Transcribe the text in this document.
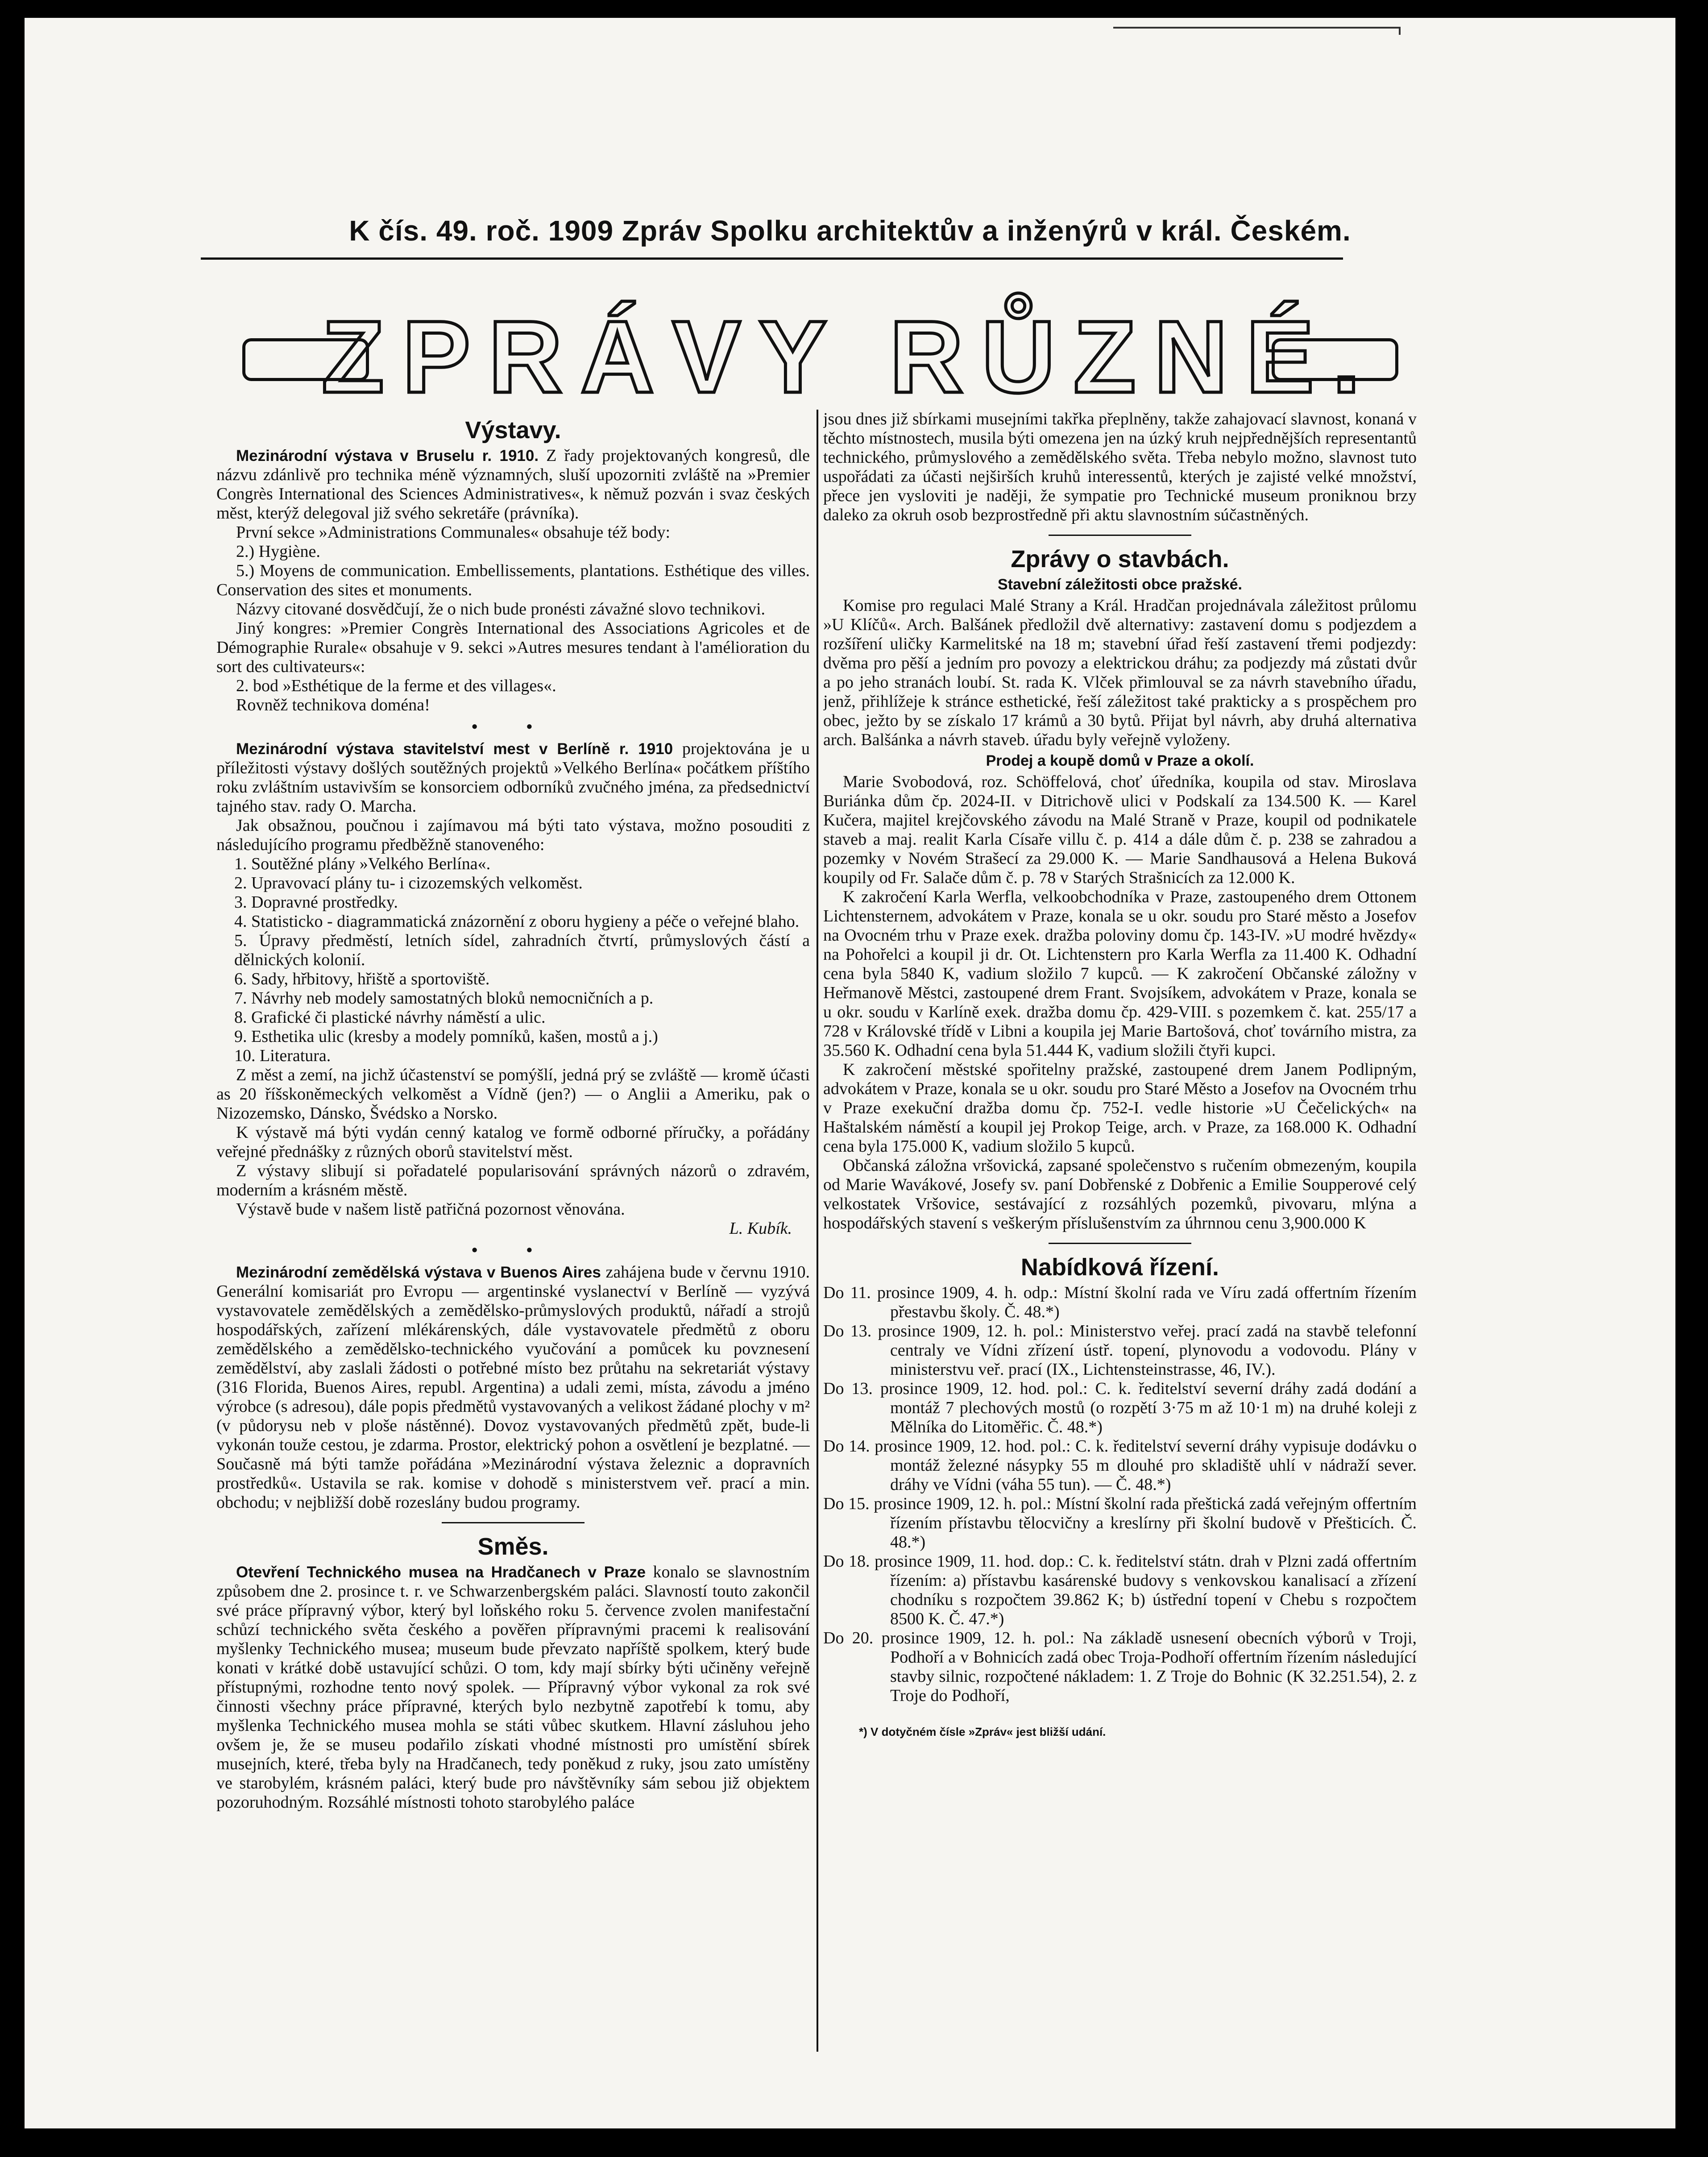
K čís. 49. roč. 1909 Zpráv Spolku architektův a inženýrů v král. Českém.
ZPRÁVY RŮZNÉ.
Výstavy.

Mezinárodní výstava v Bruselu r. 1910. Z řady projektovaných kongresů, dle názvu zdánlivě pro technika méně významných, sluší upozorniti zvláště na »Premier Congrès International des Sciences Administratives«, k němuž pozván i svaz českých měst, kterýž delegoval již svého sekretáře (právníka).

První sekce »Administrations Communales« obsahuje též body:

2.) Hygiène.

5.) Moyens de communication. Embellissements, plantations. Esthétique des villes. Conservation des sites et monuments.

Názvy citované dosvědčují, že o nich bude pronésti závažné slovo technikovi.

Jiný kongres: »Premier Congrès International des Associations Agricoles et de Démographie Rurale« obsahuje v 9. sekci »Autres mesures tendant à l'amélioration du sort des cultivateurs«:

2. bod »Esthétique de la ferme et des villages«.

Rovněž technikova doména!

• •

Mezinárodní výstava stavitelství mest v Berlíně r. 1910 projektována je u příležitosti výstavy došlých soutěžných projektů »Velkého Berlína« počátkem příštího roku zvláštním ustavivším se konsorciem odborníků zvučného jména, za předsednictví tajného stav. rady O. Marcha.

Jak obsažnou, poučnou i zajímavou má býti tato výstava, možno posouditi z následujícího programu předběžně stanoveného:

1. Soutěžné plány »Velkého Berlína«.

2. Upravovací plány tu- i cizozemských velkoměst.

3. Dopravné prostředky.

4. Statisticko - diagrammatická znázornění z oboru hygieny a péče o veřejné blaho.

5. Úpravy předměstí, letních sídel, zahradních čtvrtí, průmyslových částí a dělnických kolonií.

6. Sady, hřbitovy, hřiště a sportoviště.

7. Návrhy neb modely samostatných bloků nemocničních a p.

8. Grafické či plastické návrhy náměstí a ulic.

9. Esthetika ulic (kresby a modely pomníků, kašen, mostů a j.)

10. Literatura.

Z měst a zemí, na jichž účastenství se pomýšlí, jedná prý se zvláště — kromě účasti as 20 říšskoněmeckých velkoměst a Vídně (jen?) — o Anglii a Ameriku, pak o Nizozemsko, Dánsko, Švédsko a Norsko.

K výstavě má býti vydán cenný katalog ve formě odborné příručky, a pořádány veřejné přednášky z různých oborů stavitelství měst.

Z výstavy slibují si pořadatelé popularisování správných názorů o zdravém, moderním a krásném městě.

Výstavě bude v našem listě patřičná pozornost věnována.

L. Kubík.

• •

Mezinárodní zemědělská výstava v Buenos Aires zahájena bude v červnu 1910. Generální komisariát pro Evropu — argentinské vyslanectví v Berlíně — vyzývá vystavovatele zemědělských a zemědělsko-průmyslových produktů, nářadí a strojů hospodářských, zařízení mlékárenských, dále vystavovatele předmětů z oboru zemědělského a zemědělsko-technického vyučování a pomůcek ku povznesení zemědělství, aby zaslali žádosti o potřebné místo bez průtahu na sekretariát výstavy (316 Florida, Buenos Aires, republ. Argentina) a udali zemi, místa, závodu a jméno výrobce (s adresou), dále popis předmětů vystavovaných a velikost žádané plochy v m² (v půdorysu neb v ploše nástěnné). Dovoz vystavovaných předmětů zpět, bude-li vykonán touže cestou, je zdarma. Prostor, elektrický pohon a osvětlení je bezplatné. — Současně má býti tamže pořádána »Mezinárodní výstava železnic a dopravních prostředků«. Ustavila se rak. komise v dohodě s ministerstvem veř. prací a min. obchodu; v nejbližší době rozeslány budou programy.

Směs.

Otevření Technického musea na Hradčanech v Praze konalo se slavnostním způsobem dne 2. prosince t. r. ve Schwarzenbergském paláci. Slavností touto zakončil své práce přípravný výbor, který byl loňského roku 5. července zvolen manifestační schůzí technického světa českého a pověřen přípravnými pracemi k realisování myšlenky Technického musea; museum bude převzato napříště spolkem, který bude konati v krátké době ustavující schůzi. O tom, kdy mají sbírky býti učiněny veřejně přístupnými, rozhodne tento nový spolek. — Přípravný výbor vykonal za rok své činnosti všechny práce přípravné, kterých bylo nezbytně zapotřebí k tomu, aby myšlenka Technického musea mohla se státi vůbec skutkem. Hlavní zásluhou jeho ovšem je, že se museu podařilo získati vhodné místnosti pro umístění sbírek musejních, které, třeba byly na Hradčanech, tedy poněkud z ruky, jsou zato umístěny ve starobylém, krásném paláci, který bude pro návštěvníky sám sebou již objektem pozoruhodným. Rozsáhlé místnosti tohoto starobylého paláce

jsou dnes již sbírkami musejními takřka přeplněny, takže zahajovací slavnost, konaná v těchto místnostech, musila býti omezena jen na úzký kruh nejpřednějších representantů technického, průmyslového a zemědělského světa. Třeba nebylo možno, slavnost tuto uspořádati za účasti nejširších kruhů interessentů, kterých je zajisté velké množství, přece jen vysloviti je naději, že sympatie pro Technické museum proniknou brzy daleko za okruh osob bezprostředně při aktu slavnostním súčastněných.

Zprávy o stavbách.
Stavební záležitosti obce pražské.

Komise pro regulaci Malé Strany a Král. Hradčan projednávala záležitost průlomu »U Klíčů«. Arch. Balšánek předložil dvě alternativy: zastavení domu s podjezdem a rozšíření uličky Karmelitské na 18 m; stavební úřad řeší zastavení třemi podjezdy: dvěma pro pěší a jedním pro povozy a elektrickou dráhu; za podjezdy má zůstati dvůr a po jeho stranách loubí. St. rada K. Vlček přimlouval se za návrh stavebního úřadu, jenž, přihlížeje k stránce esthetické, řeší záležitost také prakticky a s prospěchem pro obec, ježto by se získalo 17 krámů a 30 bytů. Přijat byl návrh, aby druhá alternativa arch. Balšánka a návrh staveb. úřadu byly veřejně vyloženy.

Prodej a koupě domů v Praze a okolí.

Marie Svobodová, roz. Schöffelová, choť úředníka, koupila od stav. Miroslava Buriánka dům čp. 2024-II. v Ditrichově ulici v Podskalí za 134.500 K. — Karel Kučera, majitel krejčovského závodu na Malé Straně v Praze, koupil od podnikatele staveb a maj. realit Karla Císaře villu č. p. 414 a dále dům č. p. 238 se zahradou a pozemky v Novém Strašecí za 29.000 K. — Marie Sandhausová a Helena Buková koupily od Fr. Salače dům č. p. 78 v Starých Strašnicích za 12.000 K.

K zakročení Karla Werfla, velkoobchodníka v Praze, zastoupeného drem Ottonem Lichtensternem, advokátem v Praze, konala se u okr. soudu pro Staré město a Josefov na Ovocném trhu v Praze exek. dražba poloviny domu čp. 143-IV. »U modré hvězdy« na Pohořelci a koupil ji dr. Ot. Lichtenstern pro Karla Werfla za 11.400 K. Odhadní cena byla 5840 K, vadium složilo 7 kupců. — K zakročení Občanské záložny v Heřmanově Městci, zastoupené drem Frant. Svojsíkem, advokátem v Praze, konala se u okr. soudu v Karlíně exek. dražba domu čp. 429-VIII. s pozemkem č. kat. 255/17 a 728 v Královské třídě v Libni a koupila jej Marie Bartošová, choť továrního mistra, za 35.560 K. Odhadní cena byla 51.444 K, vadium složili čtyři kupci.

K zakročení městské spořitelny pražské, zastoupené drem Janem Podlipným, advokátem v Praze, konala se u okr. soudu pro Staré Město a Josefov na Ovocném trhu v Praze exekuční dražba domu čp. 752-I. vedle historie »U Čečelických« na Haštalském náměstí a koupil jej Prokop Teige, arch. v Praze, za 168.000 K. Odhadní cena byla 175.000 K, vadium složilo 5 kupců.

Občanská záložna vršovická, zapsané společenstvo s ručením obmezeným, koupila od Marie Wavákové, Josefy sv. paní Dobřenské z Dobřenic a Emilie Soupperové celý velkostatek Vršovice, sestávající z rozsáhlých pozemků, pivovaru, mlýna a hospodářských stavení s veškerým příslušenstvím za úhrnnou cenu 3,900.000 K

Nabídková řízení.

Do 11. prosince 1909, 4. h. odp.: Místní školní rada ve Víru zadá offertním řízením přestavbu školy. Č. 48.*)

Do 13. prosince 1909, 12. h. pol.: Ministerstvo veřej. prací zadá na stavbě telefonní centraly ve Vídni zřízení ústř. topení, plynovodu a vodovodu. Plány v ministerstvu veř. prací (IX., Lichtensteinstrasse, 46, IV.).

Do 13. prosince 1909, 12. hod. pol.: C. k. ředitelství severní dráhy zadá dodání a montáž 7 plechových mostů (o rozpětí 3·75 m až 10·1 m) na druhé koleji z Mělníka do Litoměřic. Č. 48.*)

Do 14. prosince 1909, 12. hod. pol.: C. k. ředitelství severní dráhy vypisuje dodávku o montáž železné násypky 55 m dlouhé pro skladiště uhlí v nádraží sever. dráhy ve Vídni (váha 55 tun). — Č. 48.*)

Do 15. prosince 1909, 12. h. pol.: Místní školní rada přeštická zadá veřejným offertním řízením přístavbu tělocvičny a kreslírny při školní budově v Přešticích. Č. 48.*)

Do 18. prosince 1909, 11. hod. dop.: C. k. ředitelství státn. drah v Plzni zadá offertním řízením: a) přístavbu kasárenské budovy s venkovskou kanalisací a zřízení chodníku s rozpočtem 39.862 K; b) ústřední topení v Chebu s rozpočtem 8500 K. Č. 47.*)

Do 20. prosince 1909, 12. h. pol.: Na základě usnesení obecních výborů v Troji, Podhoří a v Bohnicích zadá obec Troja-Podhoří offertním řízením následující stavby silnic, rozpočtené nákladem: 1. Z Troje do Bohnic (K 32.251.54), 2. z Troje do Podhoří,

*) V dotyčném čísle »Zpráv« jest bližší udání.
